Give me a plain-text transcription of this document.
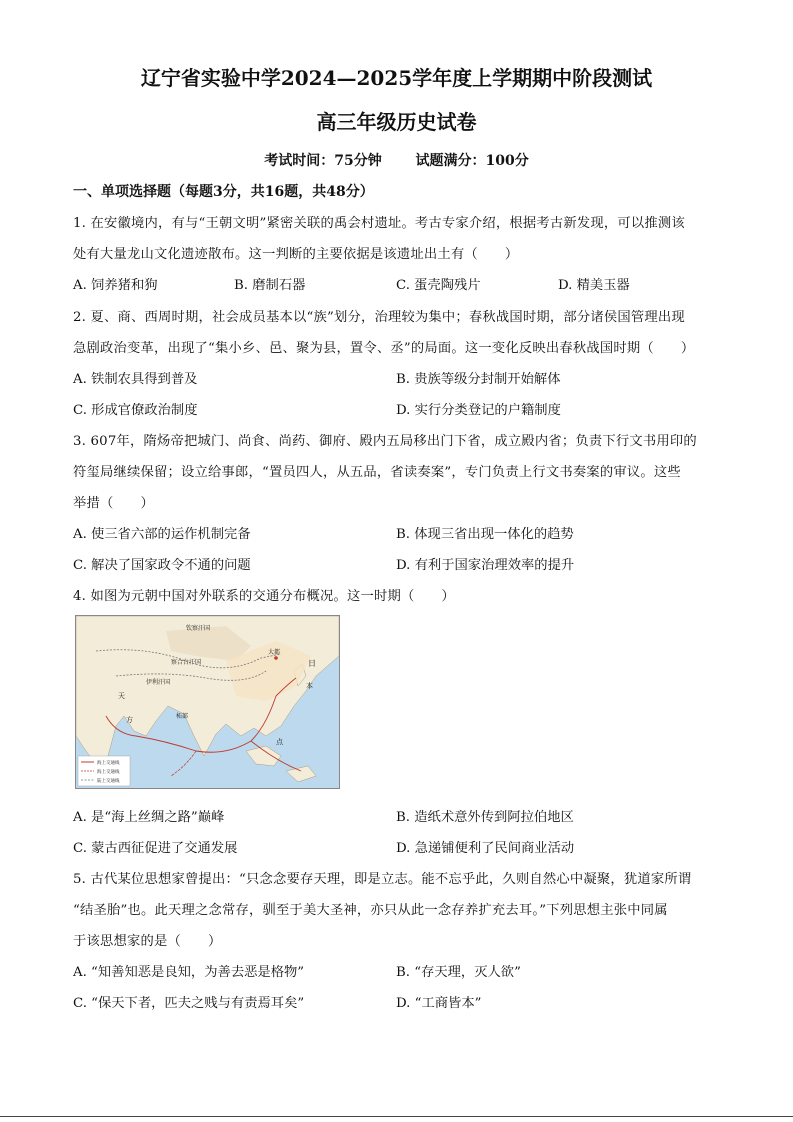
辽宁省实验中学2024—2025学年度上学期期中阶段测试
高三年级历史试卷
考试时间：75分钟 试题满分：100分
一、单项选择题（每题3分，共16题，共48分）
1. 在安徽境内，有与“王朝文明”紧密关联的禹会村遗址。考古专家介绍，根据考古新发现，可以推测该
处有大量龙山文化遗迹散布。这一判断的主要依据是该遗址出土有（　　）
A. 饲养猪和狗	B. 磨制石器	C. 蛋壳陶残片	D. 精美玉器
2. 夏、商、西周时期，社会成员基本以“族”划分，治理较为集中；春秋战国时期，部分诸侯国管理出现
急剧政治变革，出现了“集小乡、邑、聚为县，置令、丞”的局面。这一变化反映出春秋战国时期（　　）
A. 铁制农具得到普及	B. 贵族等级分封制开始解体
C. 形成官僚政治制度	D. 实行分类登记的户籍制度
3. 607年，隋炀帝把城门、尚食、尚药、御府、殿内五局移出门下省，成立殿内省；负责下行文书用印的
符玺局继续保留；设立给事郎，“置员四人，从五品，省读奏案”，专门负责上行文书奏案的审议。这些
举措（　　）
A. 使三省六部的运作机制完备	B. 体现三省出现一体化的趋势
C. 解决了国家政令不通的问题	D. 有利于国家治理效率的提升
4. 如图为元朝中国对外联系的交通分布概况。这一时期（　　）
钦察汗国
察合台汗国
伊利汗国
大都
日
本
天
方	柘部
点
海上交通线
海上交通线
陆上交通线
A. 是“海上丝绸之路”巅峰	B. 造纸术意外传到阿拉伯地区
C. 蒙古西征促进了交通发展	D. 急递铺便利了民间商业活动
5. 古代某位思想家曾提出：“只念念要存天理，即是立志。能不忘乎此，久则自然心中凝聚，犹道家所谓
“结圣胎”也。此天理之念常存，驯至于美大圣神，亦只从此一念存养扩充去耳。”下列思想主张中同属
于该思想家的是（　　）
A. “知善知恶是良知，为善去恶是格物”	B. “存天理，灭人欲”
C. “保天下者，匹夫之贱与有责焉耳矣”	D. “工商皆本”
